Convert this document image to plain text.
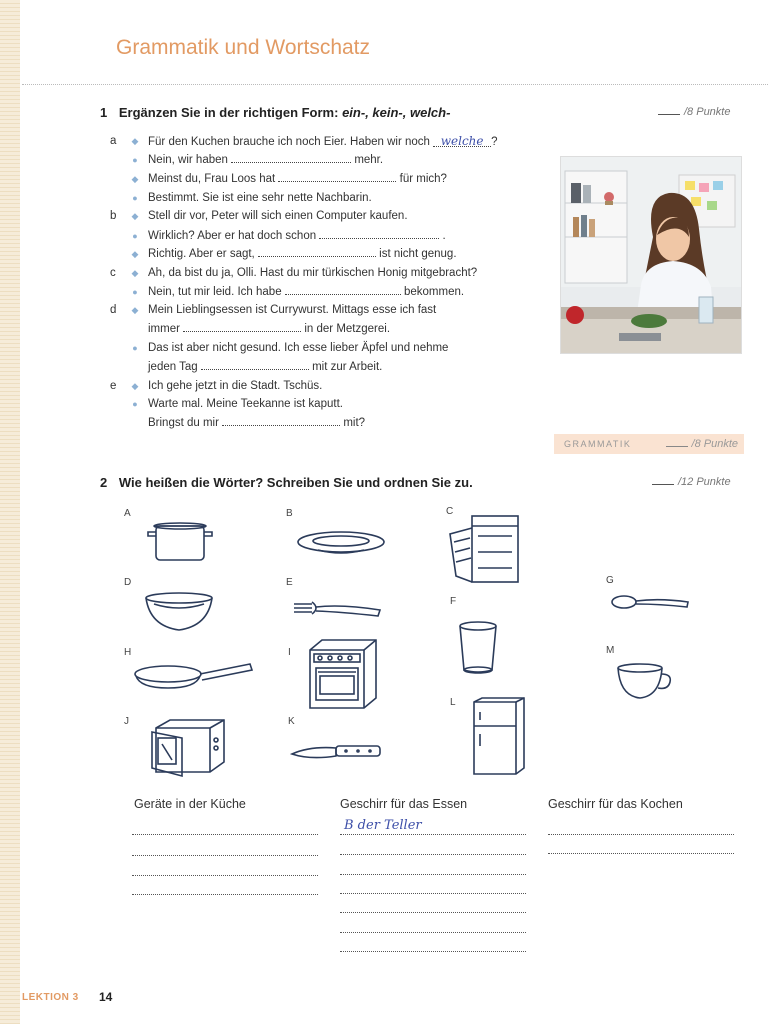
Grammatik und Wortschatz
1 Ergänzen Sie in der richtigen Form: ein-, kein-, welch-	/8 Punkte
a	◆ Für den Kuchen brauche ich noch Eier. Haben wir noch welche ?
● Nein, wir haben	mehr.
◆ Meinst du, Frau Loos hat	für mich?
● Bestimmt. Sie ist eine sehr nette Nachbarin.
b	◆ Stell dir vor, Peter will sich einen Computer kaufen.
● Wirklich? Aber er hat doch schon	.
◆ Richtig. Aber er sagt,	ist nicht genug.
c	◆ Ah, da bist du ja, Olli. Hast du mir türkischen Honig mitgebracht?
● Nein, tut mir leid. Ich habe	bekommen.
d	◆ Mein Lieblingsessen ist Currywurst. Mittags esse ich fast
immer	in der Metzgerei.
● Das ist aber nicht gesund. Ich esse lieber Äpfel und nehme
jeden Tag	mit zur Arbeit.
e	◆ Ich gehe jetzt in die Stadt. Tschüs.
● Warte mal. Meine Teekanne ist kaputt.
Bringst du mir	mit?
GRAMMATIK	/8 Punkte
2 Wie heißen die Wörter? Schreiben Sie und ordnen Sie zu.	/12 Punkte
A	B	C
D	E
F
G
H	I
J	K
L
M
Geräte in der Küche	Geschirr für das Essen	Geschirr für das Kochen
B der Teller
LEKTION 3 14
